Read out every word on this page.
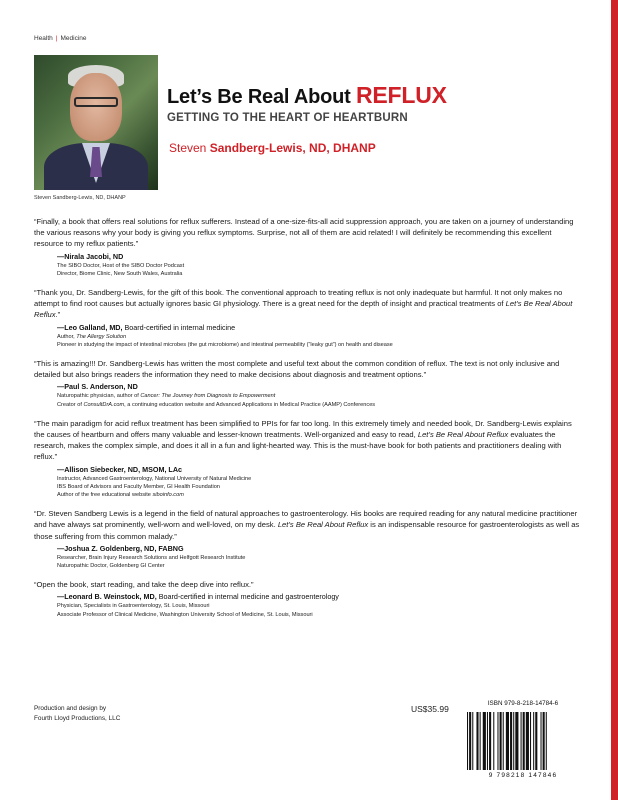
Health | Medicine
Steven Sandberg-Lewis, ND, DHANP
Let’s Be Real About REFLUX
GETTING TO THE HEART OF HEARTBURN
Steven Sandberg-Lewis, ND, DHANP

“Finally, a book that offers real solutions for reflux sufferers. Instead of a one-size-fits-all acid suppression approach, you are taken on a journey of understanding the various reasons why your body is giving you reflux symptoms. Surprise, not all of them are acid related! I will definitely be recommending this excellent resource to my reflux patients.”

—Nirala Jacobi, ND
The SIBO Doctor, Host of the SIBO Doctor Podcast
Director, Biome Clinic, New South Wales, Australia

“Thank you, Dr. Sandberg-Lewis, for the gift of this book. The conventional approach to treating reflux is not only inadequate but harmful. It not only makes no attempt to find root causes but actually ignores basic GI physiology. There is a great need for the depth of insight and practical treatments of Let’s Be Real About Reflux.”

—Leo Galland, MD, Board-certified in internal medicine
Author, The Allergy Solution
Pioneer in studying the impact of intestinal microbes (the gut microbiome) and intestinal permeability (“leaky gut”) on health and disease

“This is amazing!!! Dr. Sandberg-Lewis has written the most complete and useful text about the common condition of reflux. The text is not only inclusive and detailed but also brings readers the information they need to make decisions about diagnosis and treatment options.”

—Paul S. Anderson, ND
Naturopathic physician, author of Cancer: The Journey from Diagnosis to Empowerment
Creator of ConsultDrA.com, a continuing education website and Advanced Applications in Medical Practice (AAMP) Conferences

“The main paradigm for acid reflux treatment has been simplified to PPIs for far too long. In this extremely timely and needed book, Dr. Sandberg-Lewis explains the causes of heartburn and offers many valuable and lesser-known treatments. Well-organized and easy to read, Let’s Be Real About Reflux evaluates the research, makes the complex simple, and does it all in a fun and light-hearted way. This is the must-have book for both patients and practitioners dealing with reflux.”

—Allison Siebecker, ND, MSOM, LAc
Instructor, Advanced Gastroenterology, National University of Natural Medicine
IBS Board of Advisors and Faculty Member, GI Health Foundation
Author of the free educational website siboinfo.com

“Dr. Steven Sandberg Lewis is a legend in the field of natural approaches to gastroenterology. His books are required reading for any natural medicine practitioner and have always sat prominently, well-worn and well-loved, on my desk. Let’s Be Real About Reflux is an indispensable resource for gastroenterologists as well as those suffering from this common malady.”

—Joshua Z. Goldenberg, ND, FABNG
Researcher, Brain Injury Research Solutions and Helfgott Research Institute
Naturopathic Doctor, Goldenberg GI Center

“Open the book, start reading, and take the deep dive into reflux.”

—Leonard B. Weinstock, MD, Board-certified in internal medicine and gastroenterology
Physician, Specialists in Gastroenterology, St. Louis, Missouri
Associate Professor of Clinical Medicine, Washington University School of Medicine, St. Louis, Missouri
Production and design by
Fourth Lloyd Productions, LLC
US$35.99
ISBN 979-8-218-14784-6
9 798218 147846
